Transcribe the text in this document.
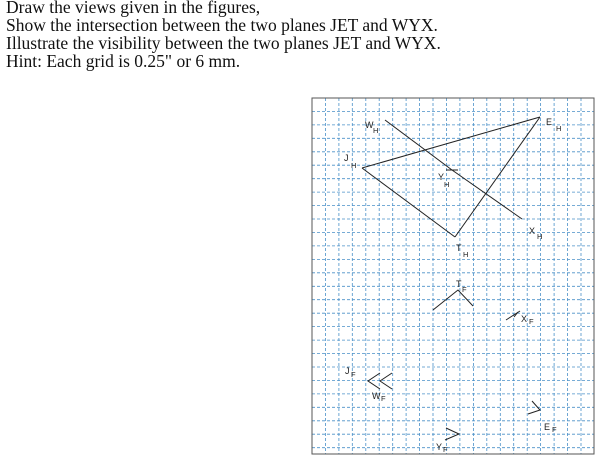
Draw the views given in the figures,
Show the intersection between the two planes JET and WYX.
Illustrate the visibility between the two planes JET and WYX.
Hint: Each grid is 0.25" or 6 mm.
W
H
E
H
J
H
Y
H
X
H
T
H
T
F
X F
J F
W F
E F
Y F
